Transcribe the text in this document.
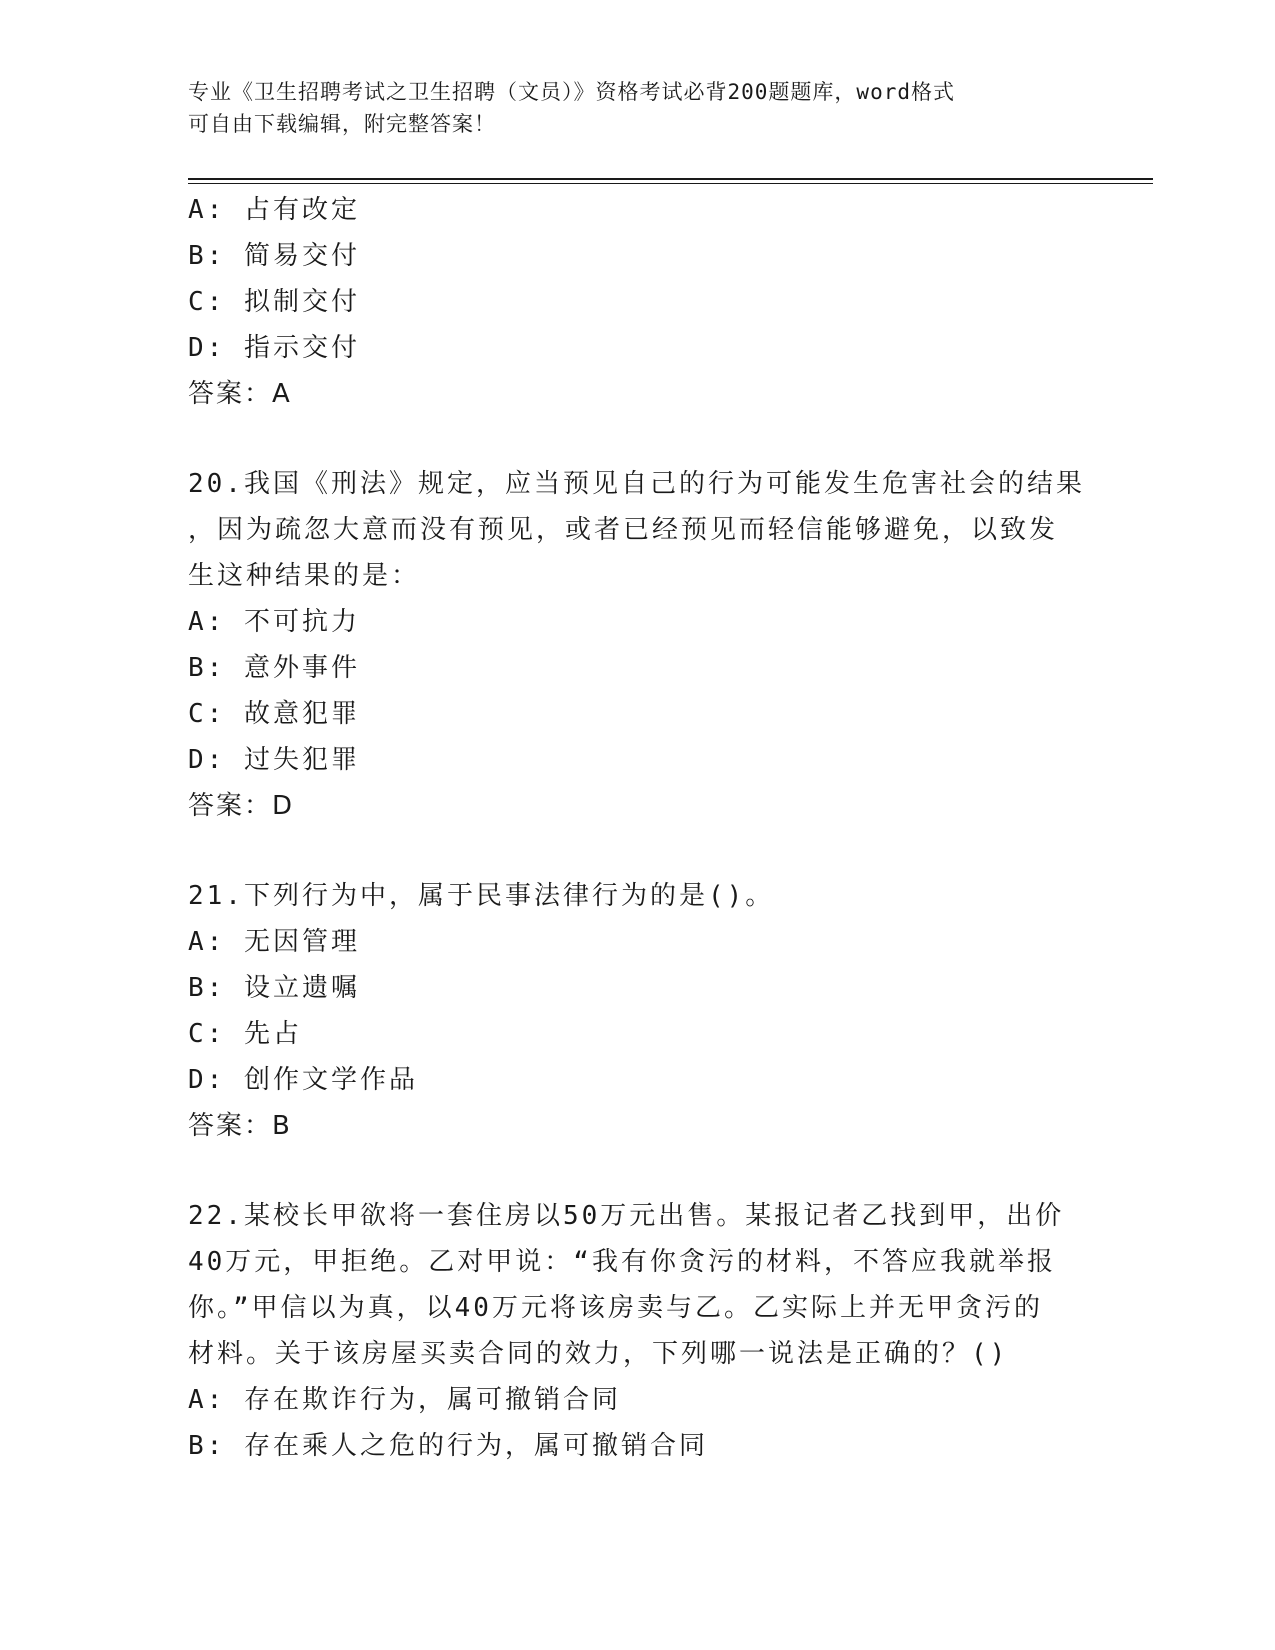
专业《卫生招聘考试之卫生招聘（文员）》资格考试必背200题题库，word格式
可自由下载编辑，附完整答案！
A: 占有改定
B: 简易交付
C: 拟制交付
D: 指示交付
答案：A
20.我国《刑法》规定，应当预见自己的行为可能发生危害社会的结果
，因为疏忽大意而没有预见，或者已经预见而轻信能够避免，以致发
生这种结果的是：
A: 不可抗力
B: 意外事件
C: 故意犯罪
D: 过失犯罪
答案：D
21.下列行为中，属于民事法律行为的是()。
A: 无因管理
B: 设立遗嘱
C: 先占
D: 创作文学作品
答案：B
22.某校长甲欲将一套住房以50万元出售。某报记者乙找到甲，出价
40万元，甲拒绝。乙对甲说：“我有你贪污的材料，不答应我就举报
你。”甲信以为真，以40万元将该房卖与乙。乙实际上并无甲贪污的
材料。关于该房屋买卖合同的效力，下列哪一说法是正确的？()
A: 存在欺诈行为，属可撤销合同
B: 存在乘人之危的行为，属可撤销合同
